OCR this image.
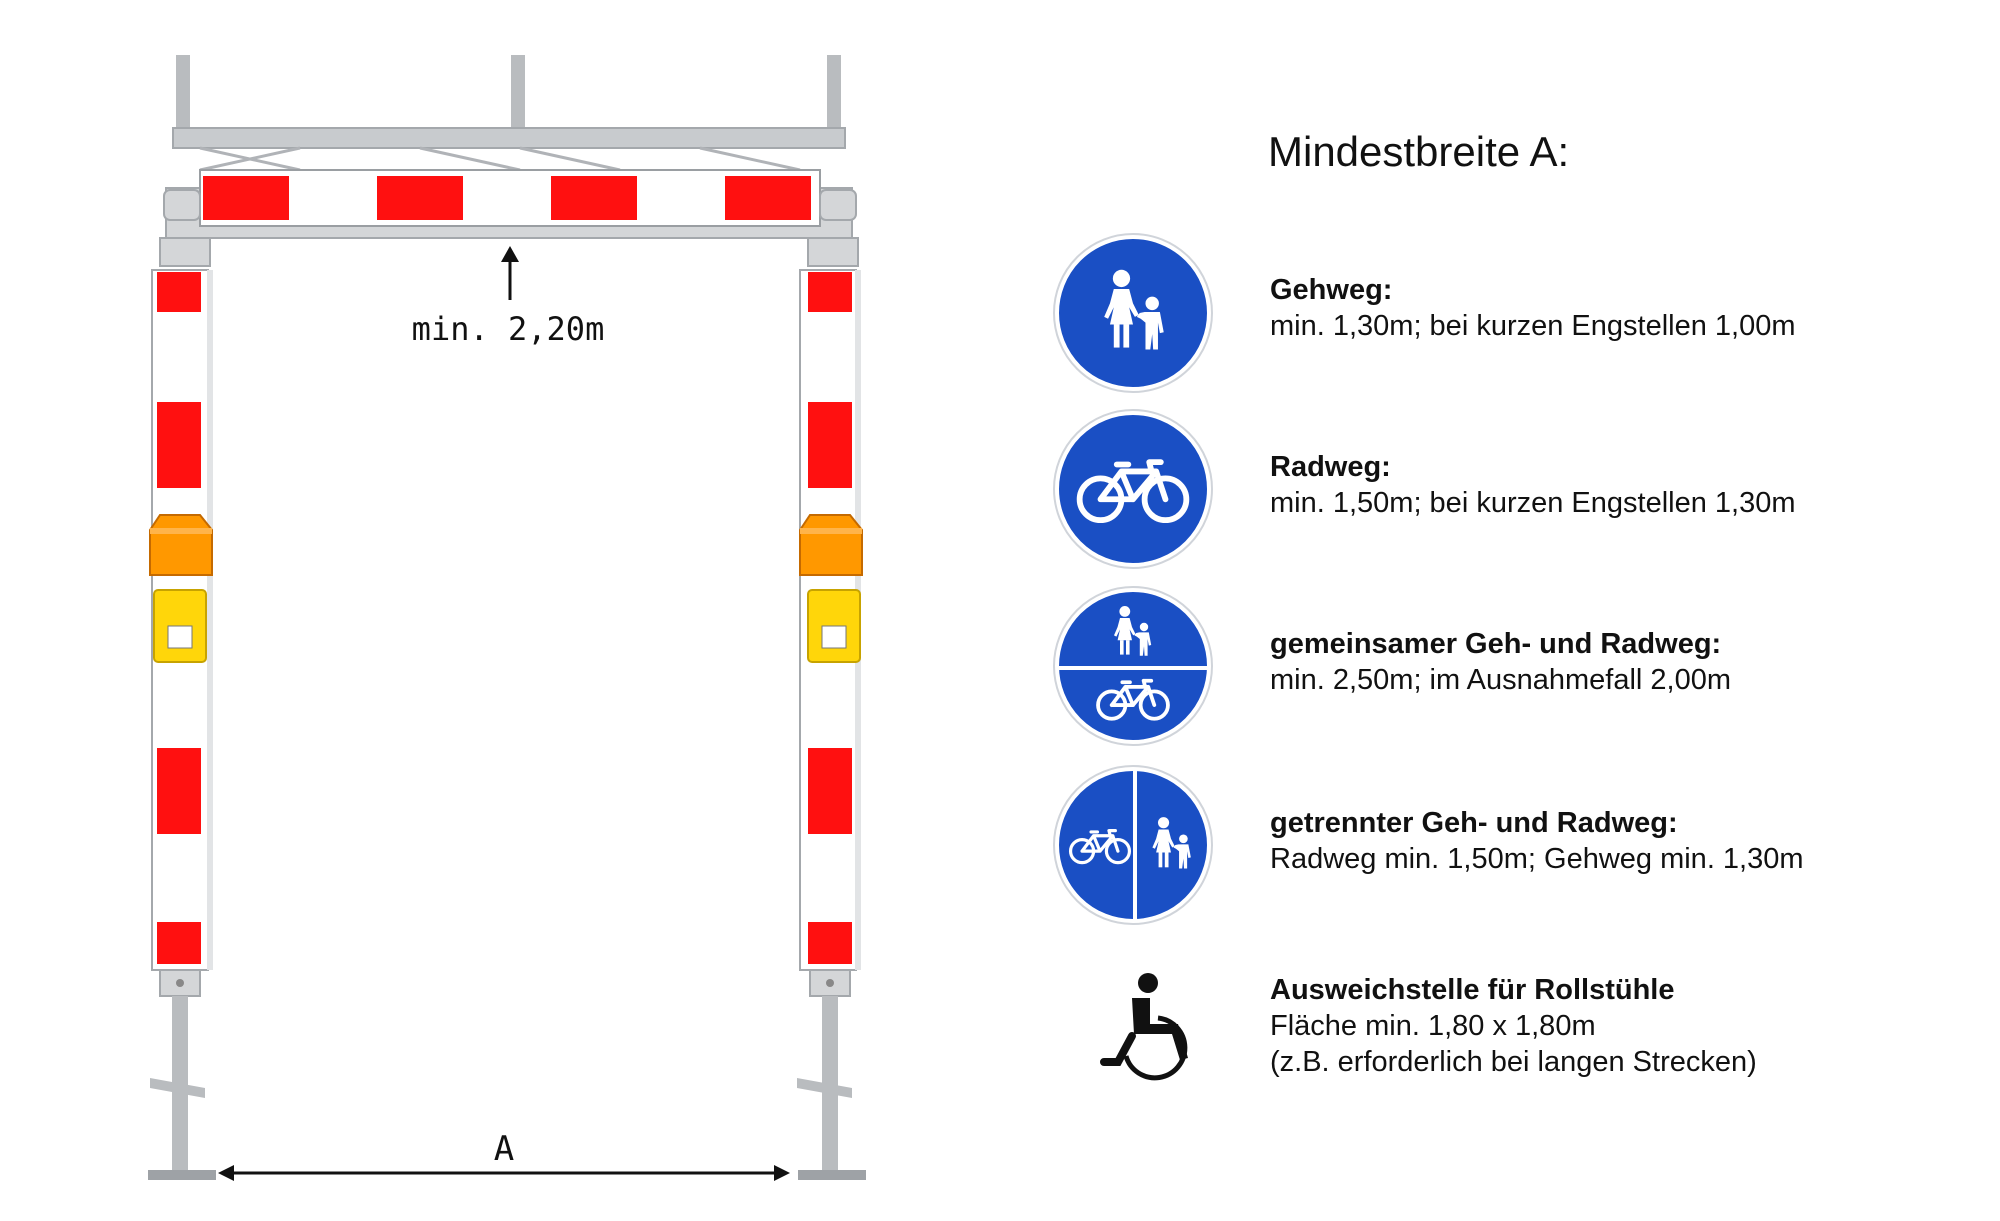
min. 2,20m
A
Mindestbreite A:
Gehweg:
min. 1,30m; bei kurzen Engstellen 1,00m
Radweg:
min. 1,50m; bei kurzen Engstellen 1,30m
gemeinsamer Geh- und Radweg:
min. 2,50m; im Ausnahmefall 2,00m
getrennter Geh- und Radweg:
Radweg min. 1,50m; Gehweg min. 1,30m
Ausweichstelle für Rollstühle
Fläche min. 1,80 x 1,80m
(z.B. erforderlich bei langen Strecken)
